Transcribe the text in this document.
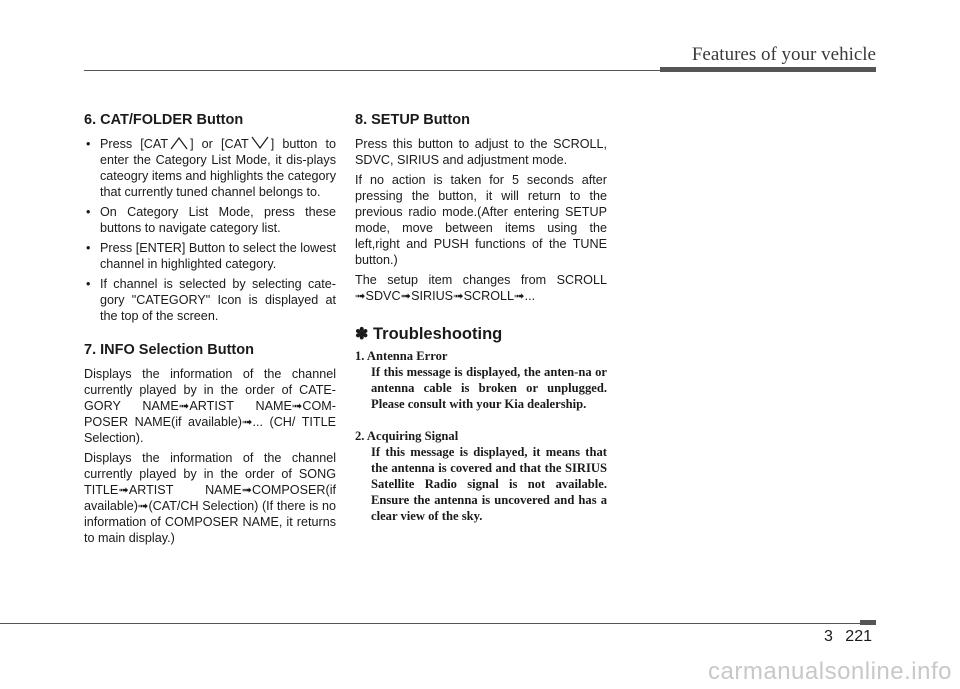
Features of your vehicle
6. CAT/FOLDER Button
• Press [CAT ] or [CAT ] button to enter the Category List Mode, it dis-plays cateogry items and highlights the category that currently tuned channel belongs to.
• On Category List Mode, press these buttons to navigate category list.
• Press [ENTER] Button to select the lowest channel in highlighted category.
• If channel is selected by selecting cate-gory "CATEGORY" Icon is displayed at the top of the screen.
7. INFO Selection Button

Displays the information of the channel currently played by in the order of CATE-GORY NAME➟ARTIST NAME➟COM-POSER NAME(if available)➟... (CH/ TITLE Selection).

Displays the information of the channel currently played by in the order of SONG TITLE➟ARTIST NAME➟COMPOSER(if available)➟(CAT/CH Selection) (If there is no information of COMPOSER NAME, it returns to main display.)

8. SETUP Button

Press this button to adjust to the SCROLL, SDVC, SIRIUS and adjustment mode.

If no action is taken for 5 seconds after pressing the button, it will return to the previous radio mode.(After entering SETUP mode, move between items using the left,right and PUSH functions of the TUNE button.)

The setup item changes from SCROLL ➟SDVC➟SIRIUS➟SCROLL➟...

✽ Troubleshooting

1. Antenna Error

If this message is displayed, the anten-na or antenna cable is broken or unplugged. Please consult with your Kia dealership.

2. Acquiring Signal

If this message is displayed, it means that the antenna is covered and that the SIRIUS Satellite Radio signal is not available. Ensure the antenna is uncovered and has a clear view of the sky.

3 221
carmanualsonline.info
